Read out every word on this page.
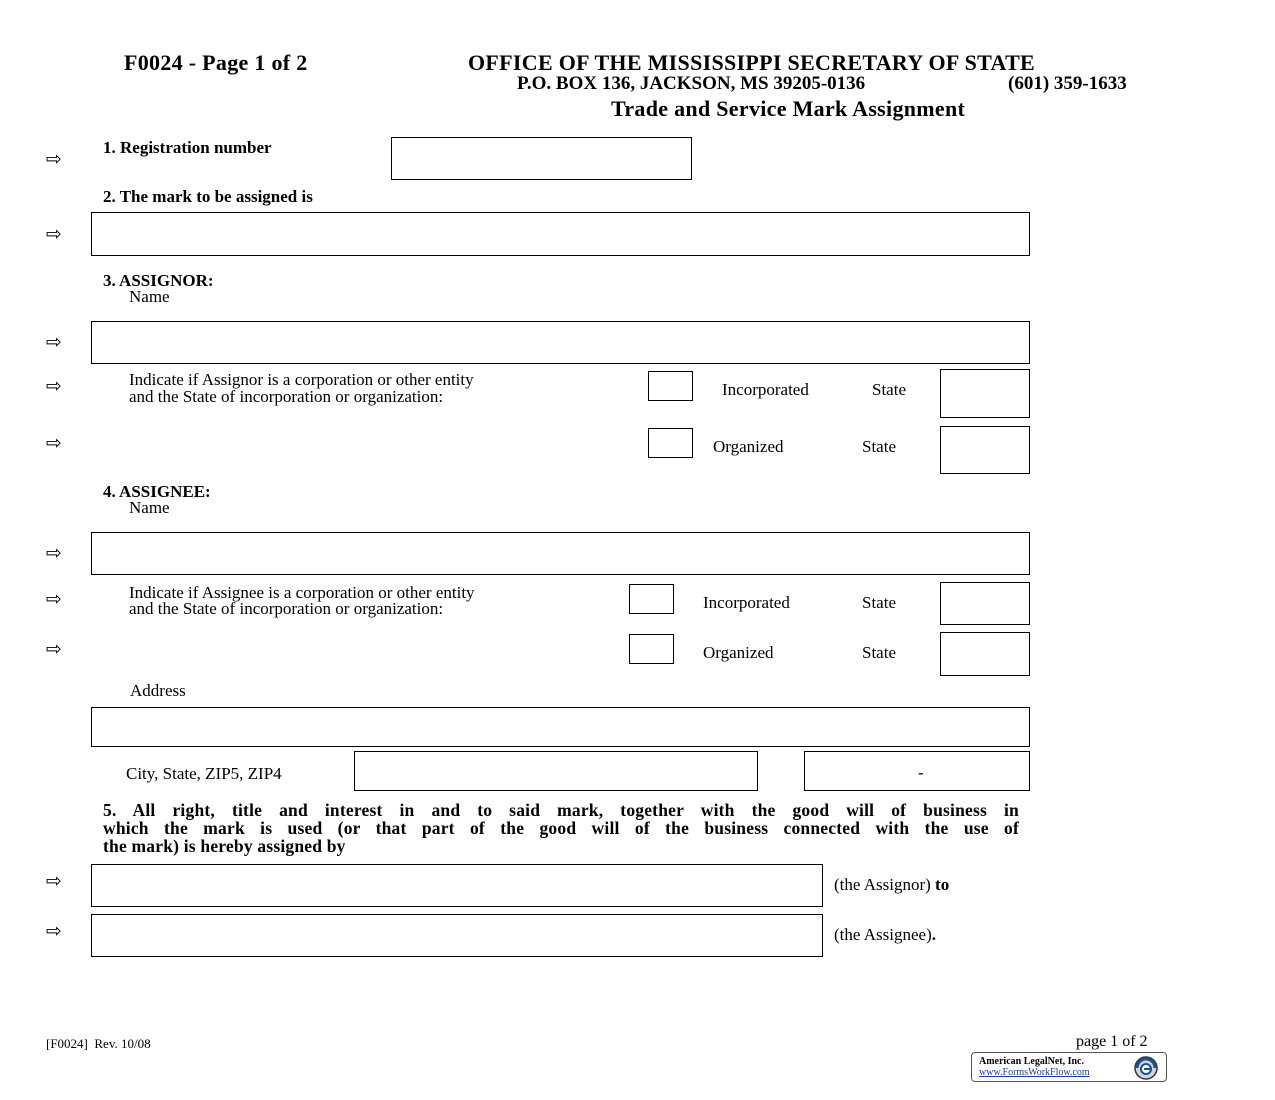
F0024 - Page 1 of 2	OFFICE OF THE MISSISSIPPI SECRETARY OF STATE
P.O. BOX 136, JACKSON, MS 39205-0136	(601) 359-1633
Trade and Service Mark Assignment
⇨
1. Registration number
2. The mark to be assigned is
⇨
3. ASSIGNOR:
Name
⇨
⇨	Indicate if Assignor is a corporation or other entity
and the State of incorporation or organization:	Incorporated	State
⇨	Organized	State
4. ASSIGNEE:
Name
⇨
⇨	Indicate if Assignee is a corporation or other entity
and the State of incorporation or organization:	Incorporated	State
⇨	Organized	State
Address
City, State, ZIP5, ZIP4	-
5. All right, title and interest in and to said mark, together with the good will of business in
which the mark is used (or that part of the good will of the business connected with the use of
the mark) is hereby assigned by
⇨	(the Assignor) to
⇨	(the Assignee).
[F0024] Rev. 10/08	page 1 of 2
American LegalNet, Inc.
www.FormsWorkFlow.com
